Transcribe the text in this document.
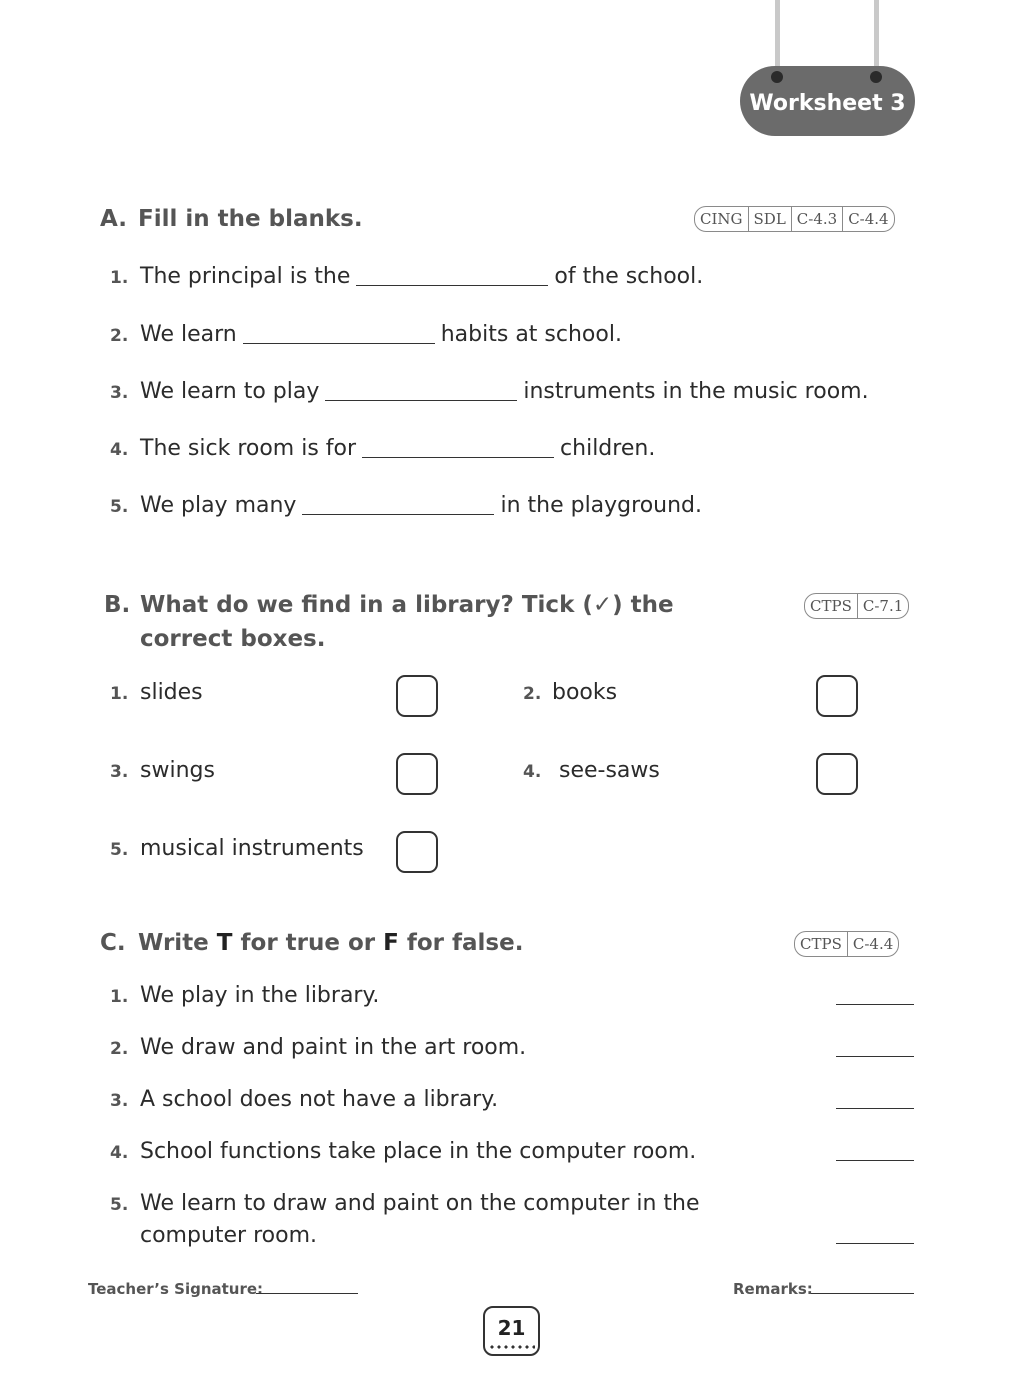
Worksheet 3
A. Fill in the blanks.	CING SDL C-4.3 C-4.4
1. The principal is the	of the school.
2. We learn	habits at school.
3. We learn to play	instruments in the music room.
4. The sick room is for	children.
5. We play many	in the playground.
B. What do we find in a library? Tick (✓) the
correct boxes.
CTPS C-7.1
1. slides	2. books
3. swings	4. see-saws
5. musical instruments
C. Write T for true or F for false.	CTPS C-4.4
1. We play in the library.
2. We draw and paint in the art room.
3. A school does not have a library.
4. School functions take place in the computer room.
5. We learn to draw and paint on the computer in the
computer room.
Teacher’s Signature:	Remarks:
21
